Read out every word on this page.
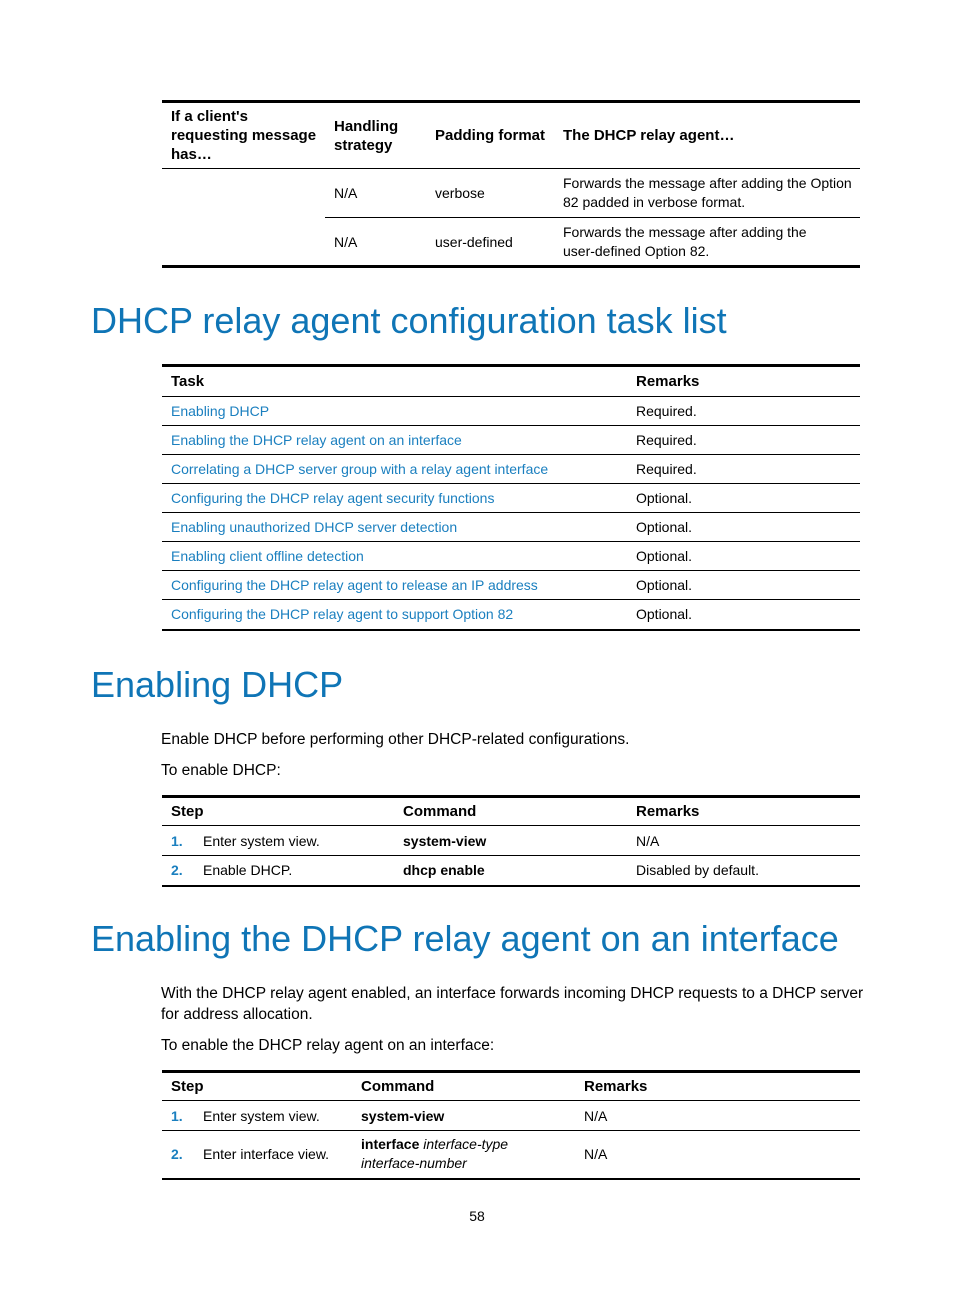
If a client's requesting message has…	Handling strategy	Padding format	The DHCP relay agent…
	N/A	verbose	Forwards the message after adding the Option 82 padded in verbose format.
	N/A	user-defined	Forwards the message after adding the user-defined Option 82.
DHCP relay agent configuration task list
Task	Remarks
Enabling DHCP	Required.
Enabling the DHCP relay agent on an interface	Required.
Correlating a DHCP server group with a relay agent interface	Required.
Configuring the DHCP relay agent security functions	Optional.
Enabling unauthorized DHCP server detection	Optional.
Enabling client offline detection	Optional.
Configuring the DHCP relay agent to release an IP address	Optional.
Configuring the DHCP relay agent to support Option 82	Optional.
Enabling DHCP

Enable DHCP before performing other DHCP-related configurations.

To enable DHCP:

Step	Command	Remarks
1. Enter system view.	system-view	N/A
2. Enable DHCP.	dhcp enable	Disabled by default.
Enabling the DHCP relay agent on an interface

With the DHCP relay agent enabled, an interface forwards incoming DHCP requests to a DHCP server for address allocation.

To enable the DHCP relay agent on an interface:

Step	Command	Remarks
1. Enter system view.	system-view	N/A
2. Enter interface view.	interface interface-type interface-number	N/A
58
